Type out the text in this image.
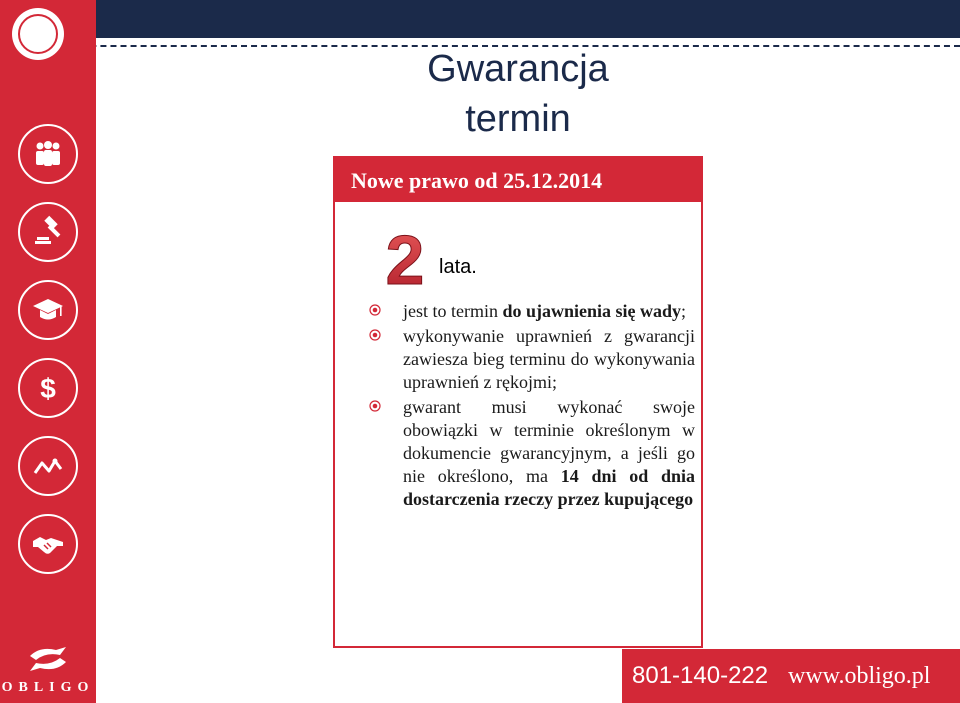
$
OBLIGO
Gwarancja
termin
Nowe prawo od 25.12.2014
2 lata.
jest to termin do ujawnienia się wady;
wykonywanie uprawnień z gwarancji zawiesza bieg terminu do wykonywania uprawnień z rękojmi;
gwarant musi wykonać swoje obowiązki w terminie określonym w dokumencie gwarancyjnym, a jeśli go nie określono, ma 14 dni od dnia dostarczenia rzeczy przez kupującego
801-140-222 www.obligo.pl
